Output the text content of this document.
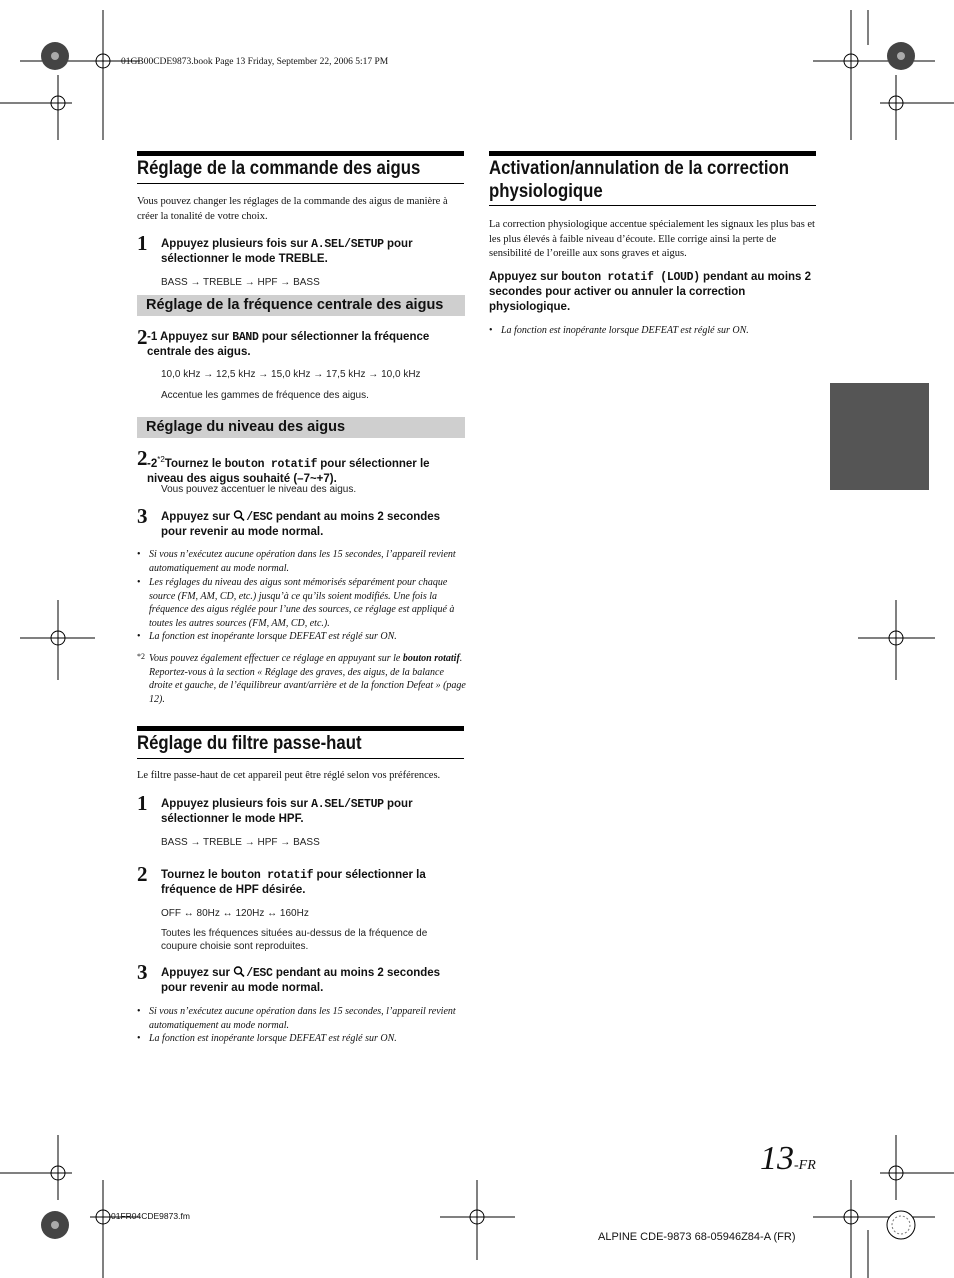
01GB00CDE9873.book Page 13 Friday, September 22, 2006 5:17 PM
Réglage de la commande des aigus
Vous pouvez changer les réglages de la commande des aigus de manière à créer la tonalité de votre choix.
1 Appuyez plusieurs fois sur A.SEL/SETUP pour sélectionner le mode TREBLE.
BASS → TREBLE → HPF → BASS
Réglage de la fréquence centrale des aigus
2 -1 Appuyez sur BAND pour sélectionner la fréquence centrale des aigus.
10,0 kHz → 12,5 kHz → 15,0 kHz → 17,5 kHz → 10,0 kHz
Accentue les gammes de fréquence des aigus.
Réglage du niveau des aigus
2 -2$^{*2}$Tournez le bouton rotatif pour sélectionner le niveau des aigus souhaité (–7~+7).
Vous pouvez accentuer le niveau des aigus.
3 Appuyez sur /ESC pendant au moins 2 secondes pour revenir au mode normal.
• Si vous n’exécutez aucune opération dans les 15 secondes, l’appareil revient automatiquement au mode normal.
• Les réglages du niveau des aigus sont mémorisés séparément pour chaque source (FM, AM, CD, etc.) jusqu’à ce qu’ils soient modifiés. Une fois la fréquence des aigus réglée pour l’une des sources, ce réglage est appliqué à toutes les autres sources (FM, AM, CD, etc.).
• La fonction est inopérante lorsque DEFEAT est réglé sur ON.
*2 Vous pouvez également effectuer ce réglage en appuyant sur le bouton rotatif. Reportez-vous à la section « Réglage des graves, des aigus, de la balance droite et gauche, de l’équilibreur avant/arrière et de la fonction Defeat » (page 12).
Réglage du filtre passe-haut
Le filtre passe-haut de cet appareil peut être réglé selon vos préférences.
1 Appuyez plusieurs fois sur A.SEL/SETUP pour sélectionner le mode HPF.
BASS → TREBLE → HPF → BASS
2 Tournez le bouton rotatif pour sélectionner la fréquence de HPF désirée.
OFF ↔ 80Hz ↔ 120Hz ↔ 160Hz
Toutes les fréquences situées au-dessus de la fréquence de coupure choisie sont reproduites.
3 Appuyez sur /ESC pendant au moins 2 secondes pour revenir au mode normal.
• Si vous n’exécutez aucune opération dans les 15 secondes, l’appareil revient automatiquement au mode normal.
• La fonction est inopérante lorsque DEFEAT est réglé sur ON.
Activation/annulation de la correction physiologique
La correction physiologique accentue spécialement les signaux les plus bas et les plus élevés à faible niveau d’écoute. Elle corrige ainsi la perte de sensibilité de l’oreille aux sons graves et aigus.
Appuyez sur bouton rotatif (LOUD) pendant au moins 2 secondes pour activer ou annuler la correction physiologique.
• La fonction est inopérante lorsque DEFEAT est réglé sur ON.
13-FR
01FR04CDE9873.fm
ALPINE CDE-9873 68-05946Z84-A (FR)
